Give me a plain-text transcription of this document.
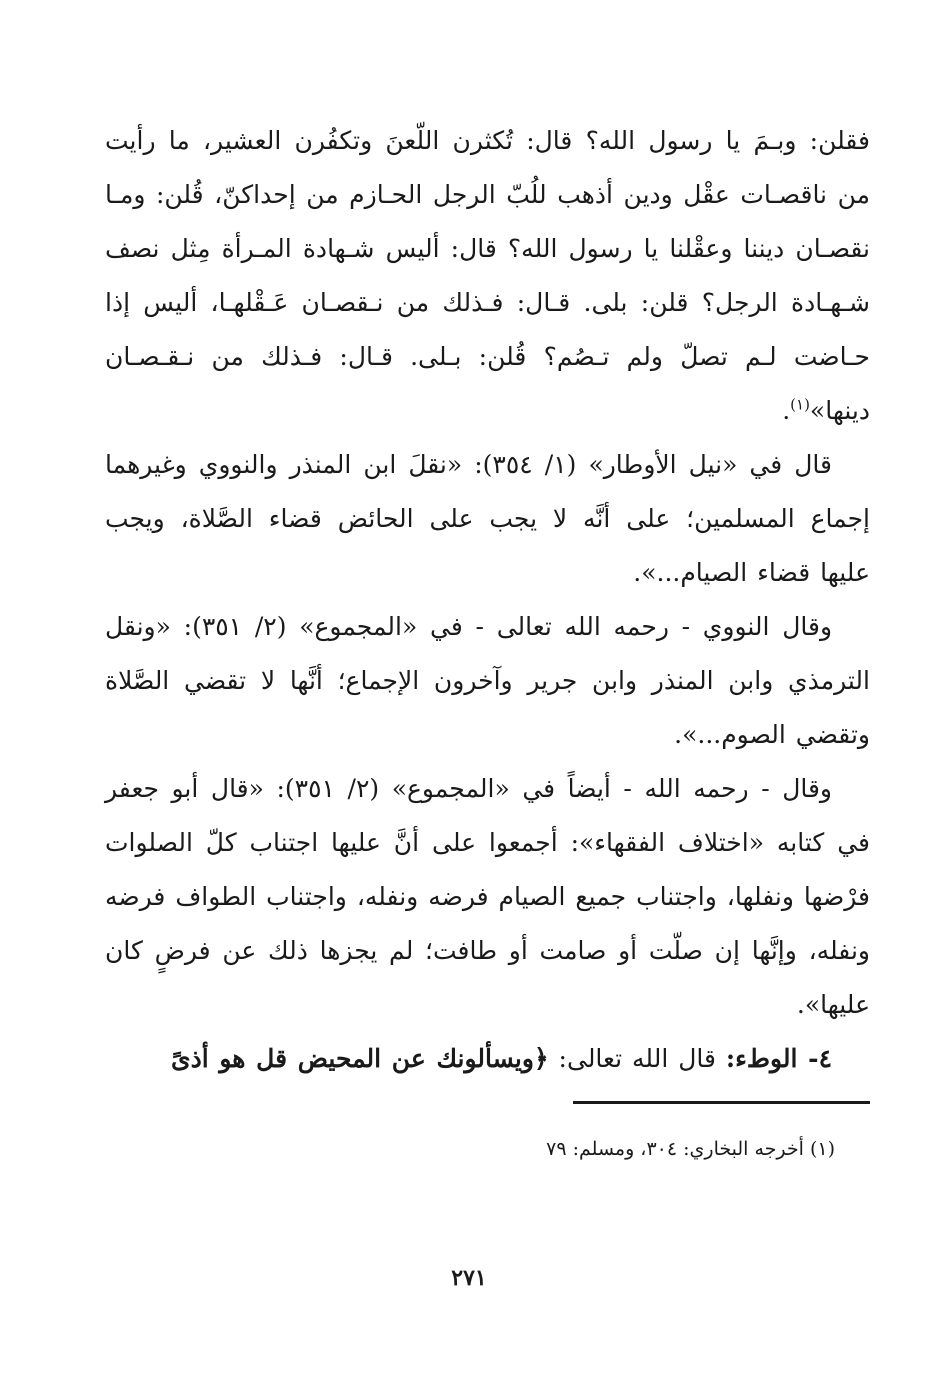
فقلن: وبـمَ يا رسول الله؟ قال: تُكثرن اللّعنَ وتكفُرن العشير، ما رأيت من ناقصـات عقْل ودين أذهب للُبّ الرجل الحـازم من إحداكنّ، قُلن: ومـا نقصـان ديننا وعقْلنا يا رسول الله؟ قال: أليس شـهادة المـرأة مِثل نصف شـهـادة الرجل؟ قلن: بلى. قـال: فـذلك من نـقصـان عَـقْلهـا، أليس إذا حـاضت لـم تصلّ ولم تـصُم؟ قُلن: بـلى. قـال: فـذلك من نـقـصـان دينها»$^{(١)}$.

قال في «نيل الأوطار» (١/ ٣٥٤): «نقلَ ابن المنذر والنووي وغيرهما إجماع المسلمين؛ على أنَّه لا يجب على الحائض قضاء الصَّلاة، ويجب عليها قضاء الصيام...».

وقال النووي - رحمه الله تعالى - في «المجموع» (٢/ ٣٥١): «ونقل الترمذي وابن المنذر وابن جرير وآخرون الإجماع؛ أنَّها لا تقضي الصَّلاة وتقضي الصوم...».

وقال - رحمه الله - أيضاً في «المجموع» (٢/ ٣٥١): «قال أبو جعفر في كتابه «اختلاف الفقهاء»: أجمعوا على أنَّ عليها اجتناب كلّ الصلوات فرْضها ونفلها، واجتناب جميع الصيام فرضه ونفله، واجتناب الطواف فرضه ونفله، وإنَّها إن صلّت أو صامت أو طافت؛ لم يجزها ذلك عن فرضٍ كان عليها».

٤- الوطء: قال الله تعالى: ﴿ويسألونك عن المحيض قل هو أذىً

(١) أخرجه البخاري: ٣٠٤، ومسلم: ٧٩
٢٧١
